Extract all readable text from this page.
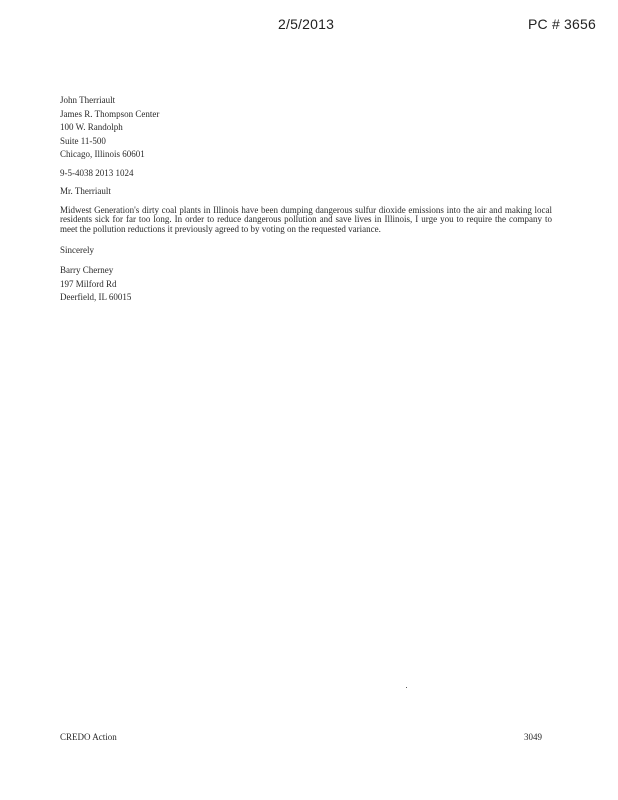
2/5/2013	PC # 3656
John Therriault
James R. Thompson Center
100 W. Randolph
Suite 11-500
Chicago, Illinois 60601
9-5-4038 2013 1024
Mr. Therriault
Midwest Generation's dirty coal plants in Illinois have been dumping dangerous sulfur dioxide emissions into the air and making local residents sick for far too long. In order to reduce dangerous pollution and save lives in Illinois, I urge you to require the company to meet the pollution reductions it previously agreed to by voting on the requested variance.
Sincerely
Barry Cherney
197 Milford Rd
Deerfield, IL 60015
CREDO Action	3049
